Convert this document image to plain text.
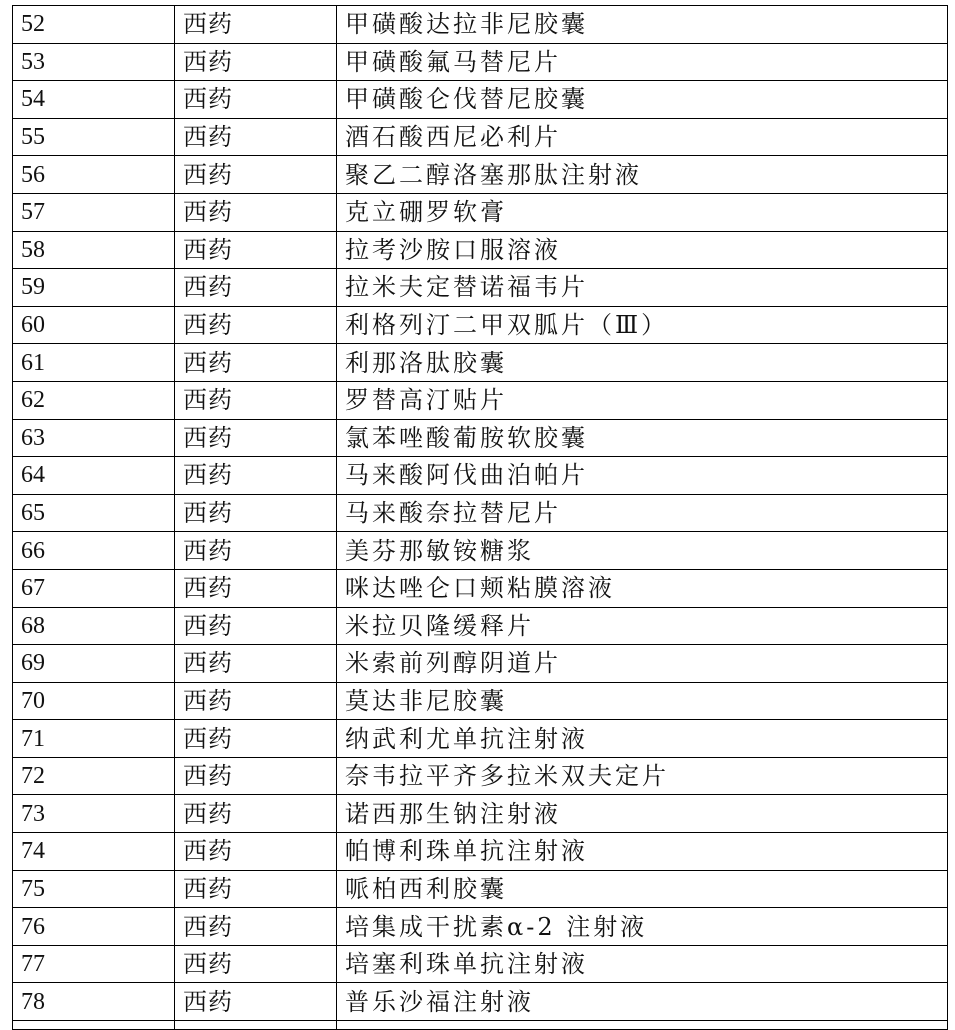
52	西药	甲磺酸达拉非尼胶囊
53	西药	甲磺酸氟马替尼片
54	西药	甲磺酸仑伐替尼胶囊
55	西药	酒石酸西尼必利片
56	西药	聚乙二醇洛塞那肽注射液
57	西药	克立硼罗软膏
58	西药	拉考沙胺口服溶液
59	西药	拉米夫定替诺福韦片
60	西药	利格列汀二甲双胍片（Ⅲ）
61	西药	利那洛肽胶囊
62	西药	罗替高汀贴片
63	西药	氯苯唑酸葡胺软胶囊
64	西药	马来酸阿伐曲泊帕片
65	西药	马来酸奈拉替尼片
66	西药	美芬那敏铵糖浆
67	西药	咪达唑仑口颊粘膜溶液
68	西药	米拉贝隆缓释片
69	西药	米索前列醇阴道片
70	西药	莫达非尼胶囊
71	西药	纳武利尤单抗注射液
72	西药	奈韦拉平齐多拉米双夫定片
73	西药	诺西那生钠注射液
74	西药	帕博利珠单抗注射液
75	西药	哌柏西利胶囊
76	西药	培集成干扰素α-2 注射液
77	西药	培塞利珠单抗注射液
78	西药	普乐沙福注射液
